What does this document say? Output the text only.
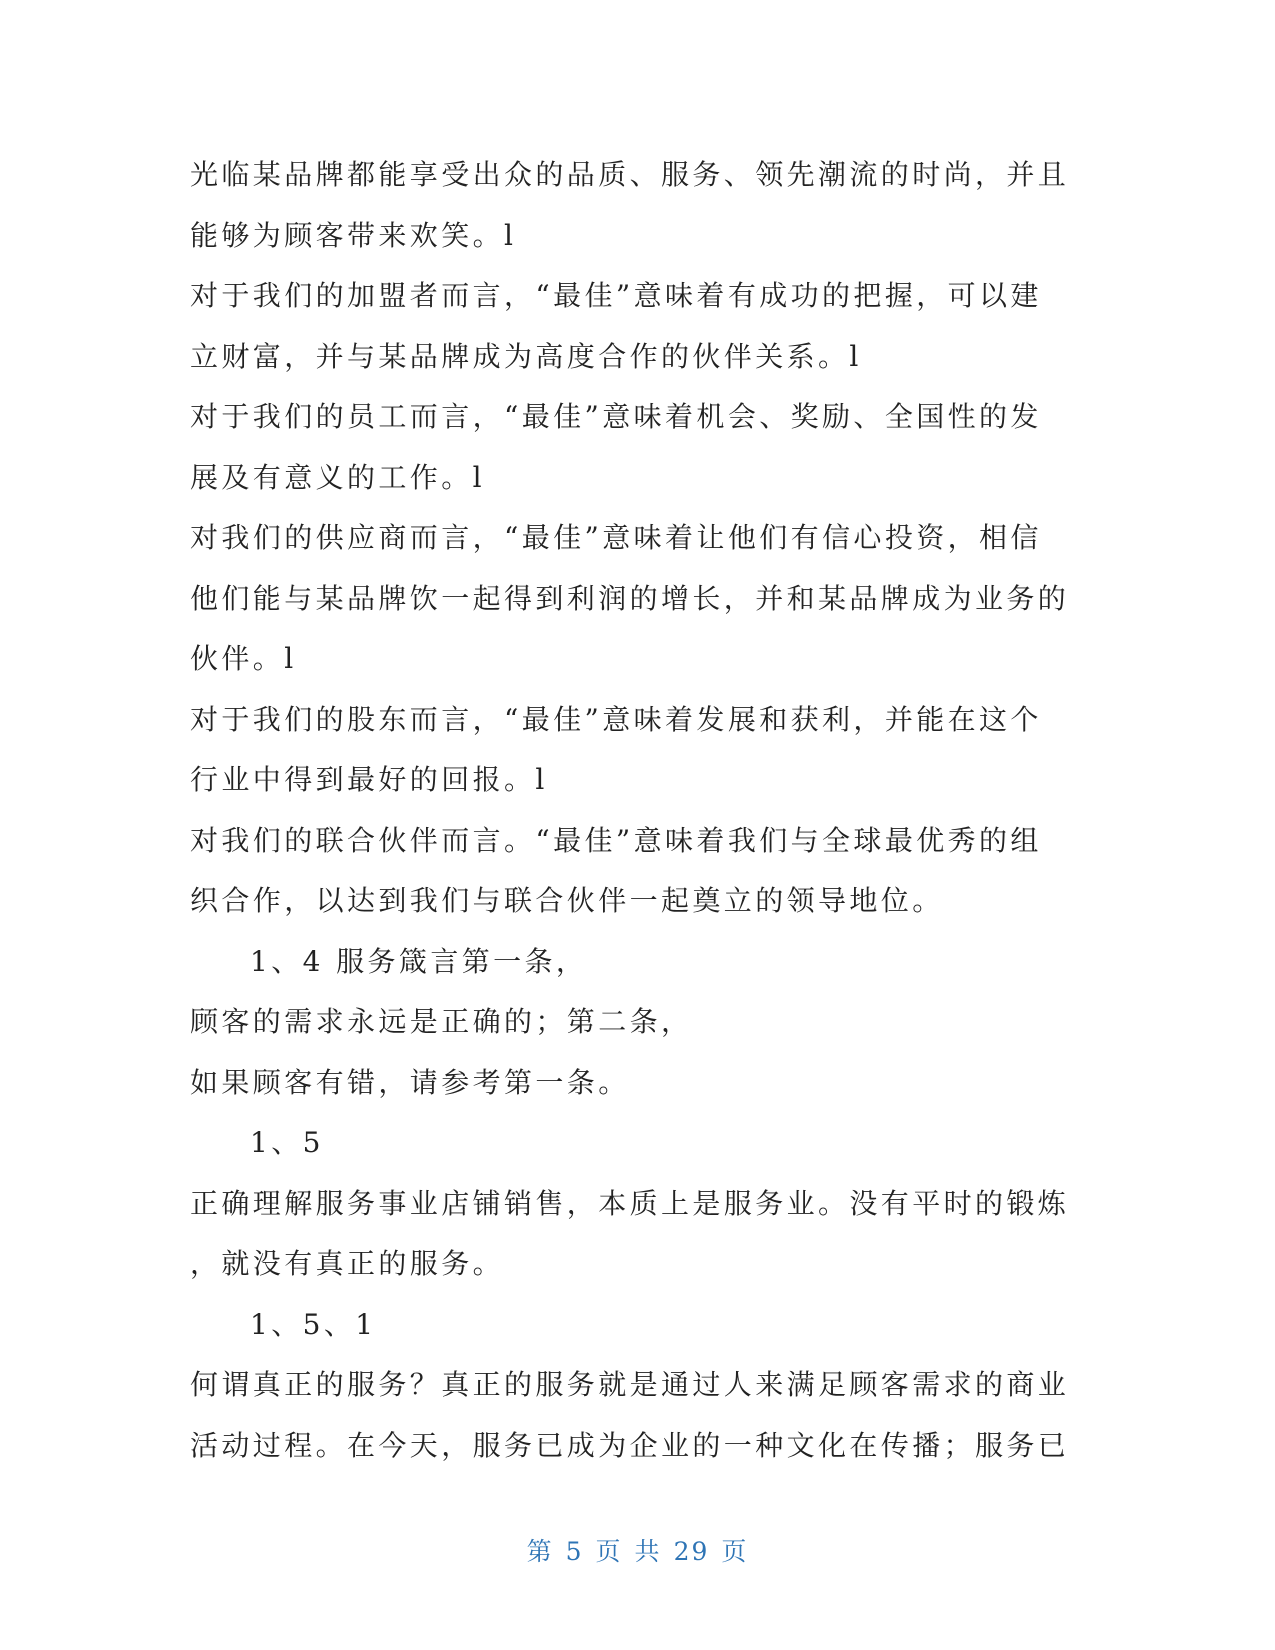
光临某品牌都能享受出众的品质、服务、领先潮流的时尚，并且
能够为顾客带来欢笑。l
对于我们的加盟者而言，“最佳”意味着有成功的把握，可以建
立财富，并与某品牌成为高度合作的伙伴关系。l
对于我们的员工而言，“最佳”意味着机会、奖励、全国性的发
展及有意义的工作。l
对我们的供应商而言，“最佳”意味着让他们有信心投资，相信
他们能与某品牌饮一起得到利润的增长，并和某品牌成为业务的
伙伴。l
对于我们的股东而言，“最佳”意味着发展和获利，并能在这个
行业中得到最好的回报。l
对我们的联合伙伴而言。“最佳”意味着我们与全球最优秀的组
织合作，以达到我们与联合伙伴一起奠立的领导地位。
1、4 服务箴言第一条，
顾客的需求永远是正确的；第二条，
如果顾客有错，请参考第一条。
1、5
正确理解服务事业店铺销售，本质上是服务业。没有平时的锻炼
，就没有真正的服务。
1、5、1
何谓真正的服务？真正的服务就是通过人来满足顾客需求的商业
活动过程。在今天，服务已成为企业的一种文化在传播；服务已
第 5 页 共 29 页
